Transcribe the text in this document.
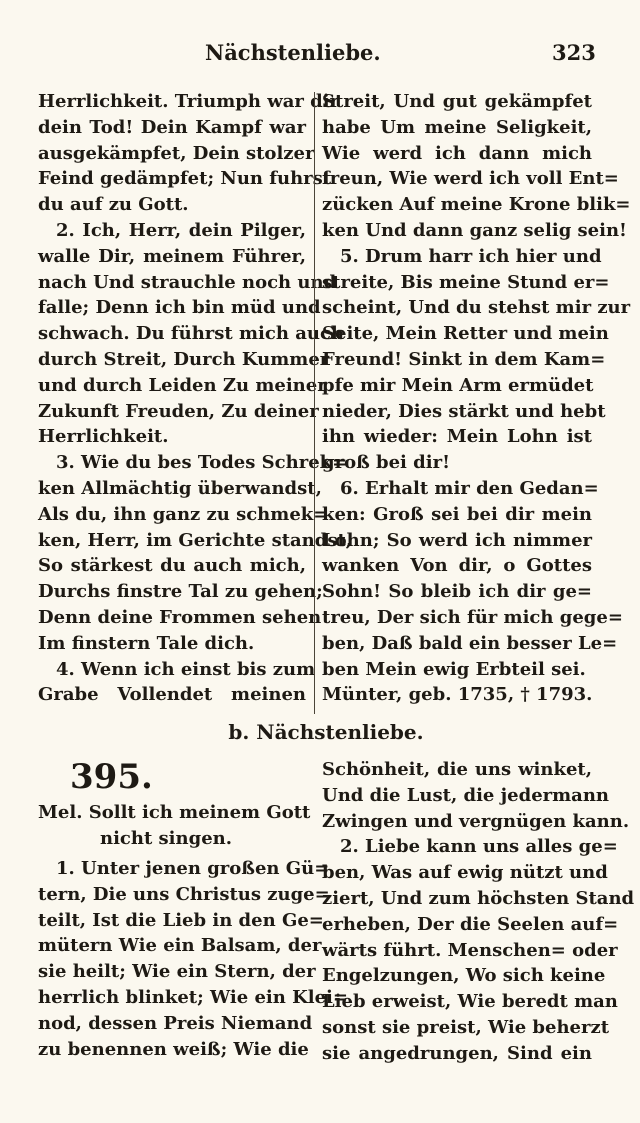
Nächstenliebe.	323
Herrlichkeit. Triumph war dir
dein Tod! Dein Kampf war
ausgekämpfet, Dein stolzer
Feind gedämpfet; Nun fuhrst
du auf zu Gott.
2. Ich, Herr, dein Pilger,
walle Dir, meinem Führer,
nach Und strauchle noch und
falle; Denn ich bin müd und
schwach. Du führst mich auch
durch Streit, Durch Kummer
und durch Leiden Zu meiner
Zukunft Freuden, Zu deiner
Herrlichkeit.
3. Wie du bes Todes Schrek=
ken Allmächtig überwandst,
Als du, ihn ganz zu schmek=
ken, Herr, im Gerichte standst,
So stärkest du auch mich,
Durchs finstre Tal zu gehen;
Denn deine Frommen sehen
Im finstern Tale dich.
4. Wenn ich einst bis zum
Grabe Vollendet meinen
Streit, Und gut gekämpfet
habe Um meine Seligkeit,
Wie werd ich dann mich
freun, Wie werd ich voll Ent=
zücken Auf meine Krone blik=
ken Und dann ganz selig sein!
5. Drum harr ich hier und
streite, Bis meine Stund er=
scheint, Und du stehst mir zur
Seite, Mein Retter und mein
Freund! Sinkt in dem Kam=
pfe mir Mein Arm ermüdet
nieder, Dies stärkt und hebt
ihn wieder: Mein Lohn ist
groß bei dir!
6. Erhalt mir den Gedan=
ken: Groß sei bei dir mein
Lohn; So werd ich nimmer
wanken Von dir, o Gottes
Sohn! So bleib ich dir ge=
treu, Der sich für mich gege=
ben, Daß bald ein besser Le=
ben Mein ewig Erbteil sei.
Münter, geb. 1735, † 1793.
b. Nächstenliebe.
395.
Mel. Sollt ich meinem Gott
nicht singen.
1. Unter jenen großen Gü=
tern, Die uns Christus zuge=
teilt, Ist die Lieb in den Ge=
mütern Wie ein Balsam, der
sie heilt; Wie ein Stern, der
herrlich blinket; Wie ein Klei=
nod, dessen Preis Niemand
zu benennen weiß; Wie die
Schönheit, die uns winket,
Und die Lust, die jedermann
Zwingen und vergnügen kann.
2. Liebe kann uns alles ge=
ben, Was auf ewig nützt und
ziert, Und zum höchsten Stand
erheben, Der die Seelen auf=
wärts führt. Menschen= oder
Engelzungen, Wo sich keine
Lieb erweist, Wie beredt man
sonst sie preist, Wie beherzt
sie angedrungen, Sind ein
